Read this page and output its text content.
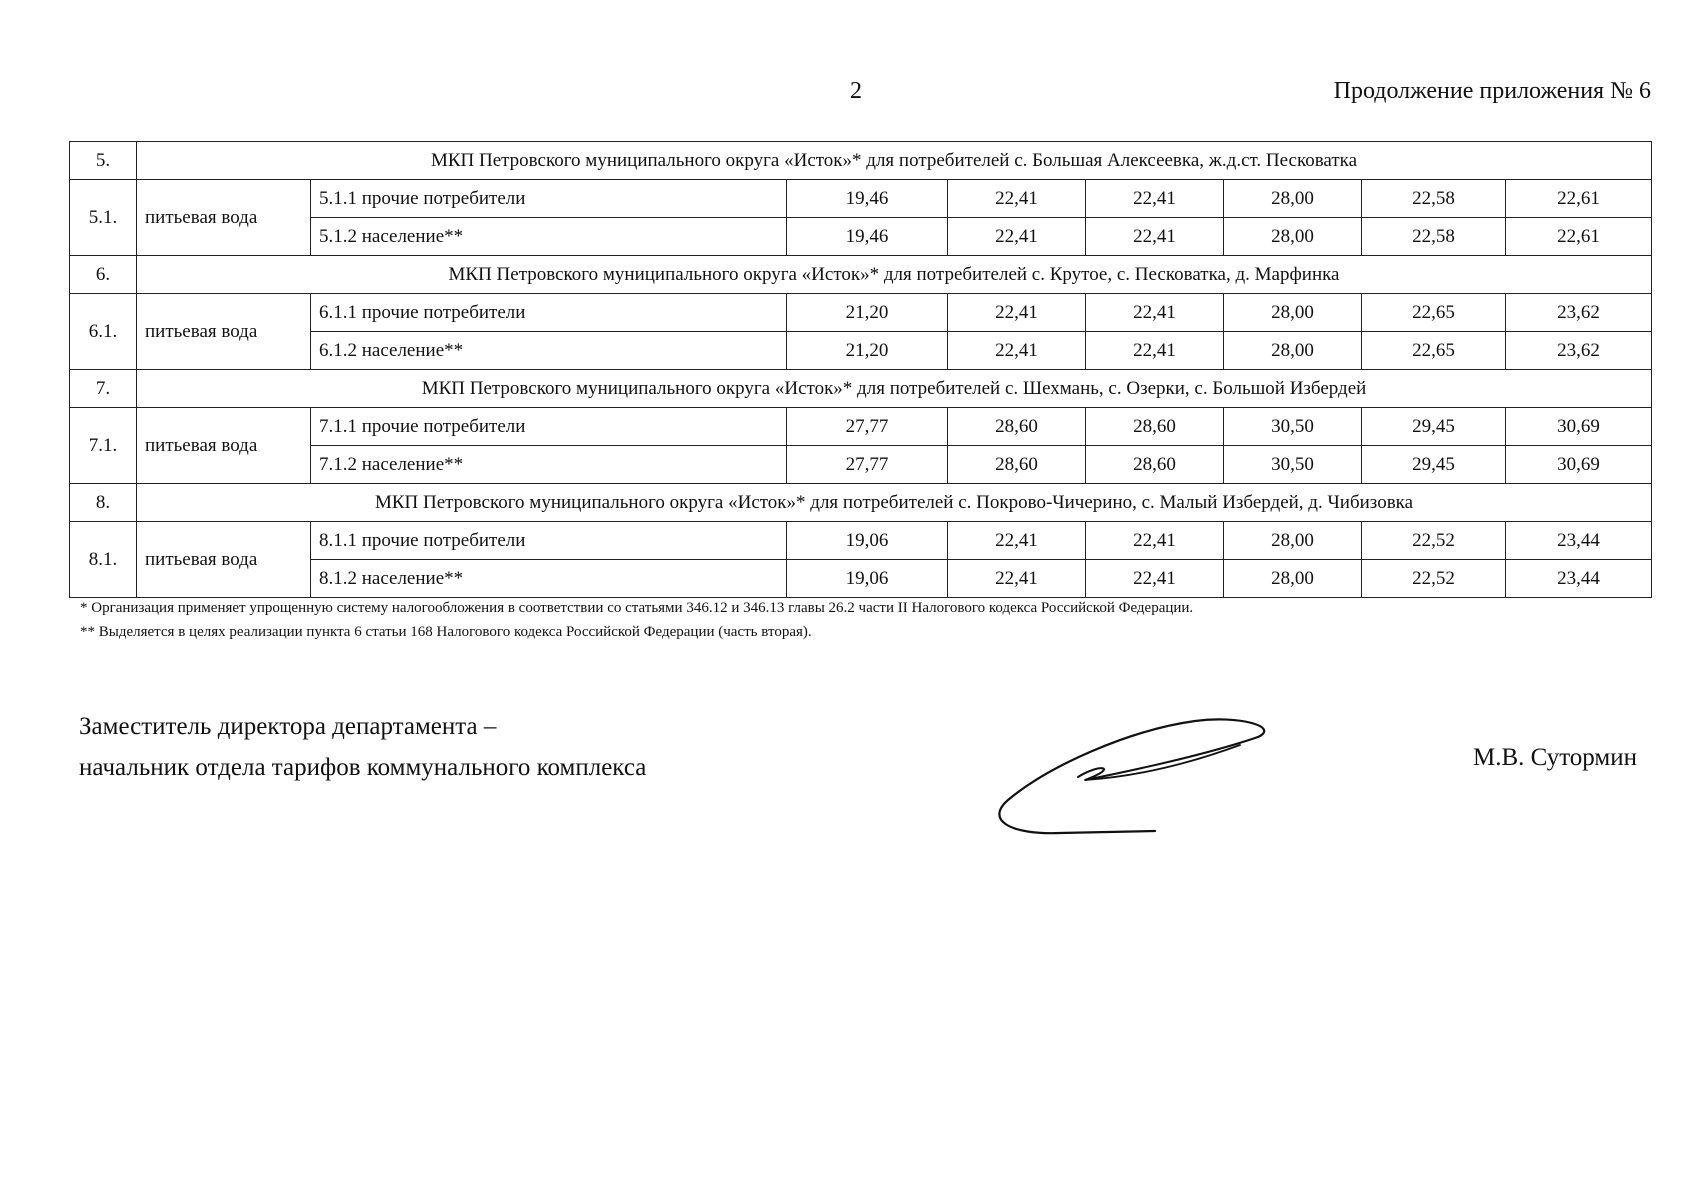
2	Продолжение приложения № 6
5.	МКП Петровского муниципального округа «Исток»* для потребителей с. Большая Алексеевка, ж.д.ст. Песковатка							
5.1.	питьевая вода	5.1.1 прочие потребители	19,46	22,41	22,41	28,00	22,58	22,61
		5.1.2 население**	19,46	22,41	22,41	28,00	22,58	22,61
6.	МКП Петровского муниципального округа «Исток»* для потребителей с. Крутое, с. Песковатка, д. Марфинка							
6.1.	питьевая вода	6.1.1 прочие потребители	21,20	22,41	22,41	28,00	22,65	23,62
		6.1.2 население**	21,20	22,41	22,41	28,00	22,65	23,62
7.	МКП Петровского муниципального округа «Исток»* для потребителей с. Шехмань, с. Озерки, с. Большой Избердей							
7.1.	питьевая вода	7.1.1 прочие потребители	27,77	28,60	28,60	30,50	29,45	30,69
		7.1.2 население**	27,77	28,60	28,60	30,50	29,45	30,69
8.	МКП Петровского муниципального округа «Исток»* для потребителей с. Покрово-Чичерино, с. Малый Избердей, д. Чибизовка							
8.1.	питьевая вода	8.1.1 прочие потребители	19,06	22,41	22,41	28,00	22,52	23,44
		8.1.2 население**	19,06	22,41	22,41	28,00	22,52	23,44
* Организация применяет упрощенную систему налогообложения в соответствии со статьями 346.12 и 346.13 главы 26.2 части II Налогового кодекса Российской Федерации.
** Выделяется в целях реализации пункта 6 статьи 168 Налогового кодекса Российской Федерации (часть вторая).
Заместитель директора департамента –
начальник отдела тарифов коммунального комплекса	М.В. Сутормин
